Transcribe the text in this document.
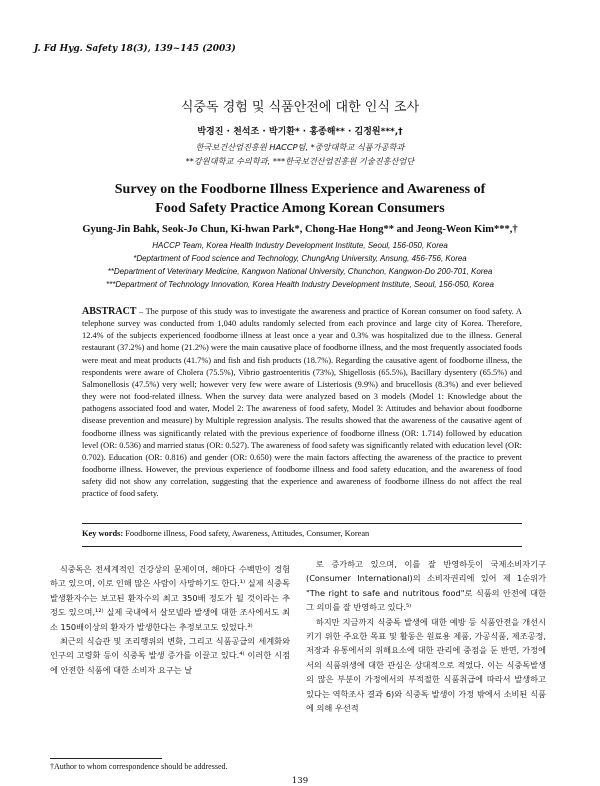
J. Fd Hyg. Safety 18(3), 139~145 (2003)
식중독 경험 및 식품안전에 대한 인식 조사
박경진 · 천석조 · 박기환* · 홍종해** · 김정원***,†
한국보건산업진흥원 HACCP팀, *중앙대학교 식품가공학과
**강원대학교 수의학과, ***한국보건산업진흥원 기술진흥산업단
Survey on the Foodborne Illness Experience and Awareness of
Food Safety Practice Among Korean Consumers
Gyung-Jin Bahk, Seok-Jo Chun, Ki-hwan Park*, Chong-Hae Hong** and Jeong-Weon Kim***,†
HACCP Team, Korea Health Industry Development Institute, Seoul, 156-050, Korea
*Deptartment of Food science and Technology, ChungAng University, Ansung, 456-756, Korea
**Department of Veterinary Medicine, Kangwon National University, Chunchon, Kangwon-Do 200-701, Korea
***Department of Technology Innovation, Korea Health Industry Development Institute, Seoul, 156-050, Korea
ABSTRACT – The purpose of this study was to investigate the awareness and practice of Korean consumer on food safety. A telephone survey was conducted from 1,040 adults randomly selected from each province and large city of Korea. Therefore, 12.4% of the subjects experienced foodborne illness at least once a year and 0.3% was hospitalized due to the illness. General restaurant (37.2%) and home (21.2%) were the main causative place of foodborne illness, and the most frequently associated foods were meat and meat products (41.7%) and fish and fish products (18.7%). Regarding the causative agent of foodborne illness, the respondents were aware of Cholera (75.5%), Vibrio gastroenteritis (73%), Shigellosis (65.5%), Bacillary dysentery (65.5%) and Salmonellosis (47.5%) very well; however very few were aware of Listeriosis (9.9%) and brucellosis (8.3%) and ever believed they were not food-related illness. When the survey data were analyzed based on 3 models (Model 1: Knowledge about the pathogens associated food and water, Model 2: The awareness of food safety, Model 3: Attitudes and behavior about foodborne disease prevention and measure) by Multiple regression analysis. The results showed that the awareness of the causative agent of foodborne illness was significantly related with the previous experience of foodborne illness (OR: 1.714) followed by education level (OR: 0.536) and married status (OR: 0.527). The awareness of food safety was significantly related with education level (OR: 0.702). Education (OR: 0.816) and gender (OR: 0.650) were the main factors affecting the awareness of the practice to prevent foodborne illness. However, the previous experience of foodborne illness and food safety education, and the awareness of food safety did not show any correlation, suggesting that the experience and awareness of foodborne illness do not affect the real practice of food safety.
Key words: Foodborne illness, Food safety, Awareness, Attitudes, Consumer, Korean

식중독은 전세계적인 건강상의 문제이며, 해마다 수백만이 경험하고 있으며, 이로 인해 많은 사람이 사망하기도 한다.¹⁾ 실제 식중독 발생환자수는 보고된 환자수의 최고 350배 정도가 될 것이라는 추정도 있으며,¹²⁾ 실제 국내에서 살모넬라 발생에 대한 조사에서도 최소 150배이상의 환자가 발생한다는 추정보고도 있었다.³⁾

최근의 식습관 및 조리행위의 변화, 그리고 식품공급의 세계화와 인구의 고령화 등이 식중독 발생 증가를 이끌고 있다.⁴⁾ 이러한 시점에 안전한 식품에 대한 소비자 요구는 날

로 증가하고 있으며, 이를 잘 반영하듯이 국제소비자기구 (Consumer International)의 소비자권리에 있어 제 1순위가 "The right to safe and nutritous food"로 식품의 안전에 대한 그 의미를 잘 반영하고 있다.⁵⁾

하지만 지금까지 식중독 발생에 대한 예방 등 식품안전을 개선시키기 위한 주요한 목표 및 활동은 원료용 제품, 가공식품, 제조공정, 저장과 유통에서의 위해요소에 대한 관리에 중점을 둔 반면, 가정에서의 식품위생에 대한 관심은 상대적으로 적었다. 이는 식중독발생의 많은 부분이 가정에서의 부적절한 식품취급에 따라서 발생하고 있다는 역학조사 결과 6)와 식중독 발생이 가정 밖에서 소비된 식품에 의해 우선적

†Author to whom correspondence should be addressed.
139
